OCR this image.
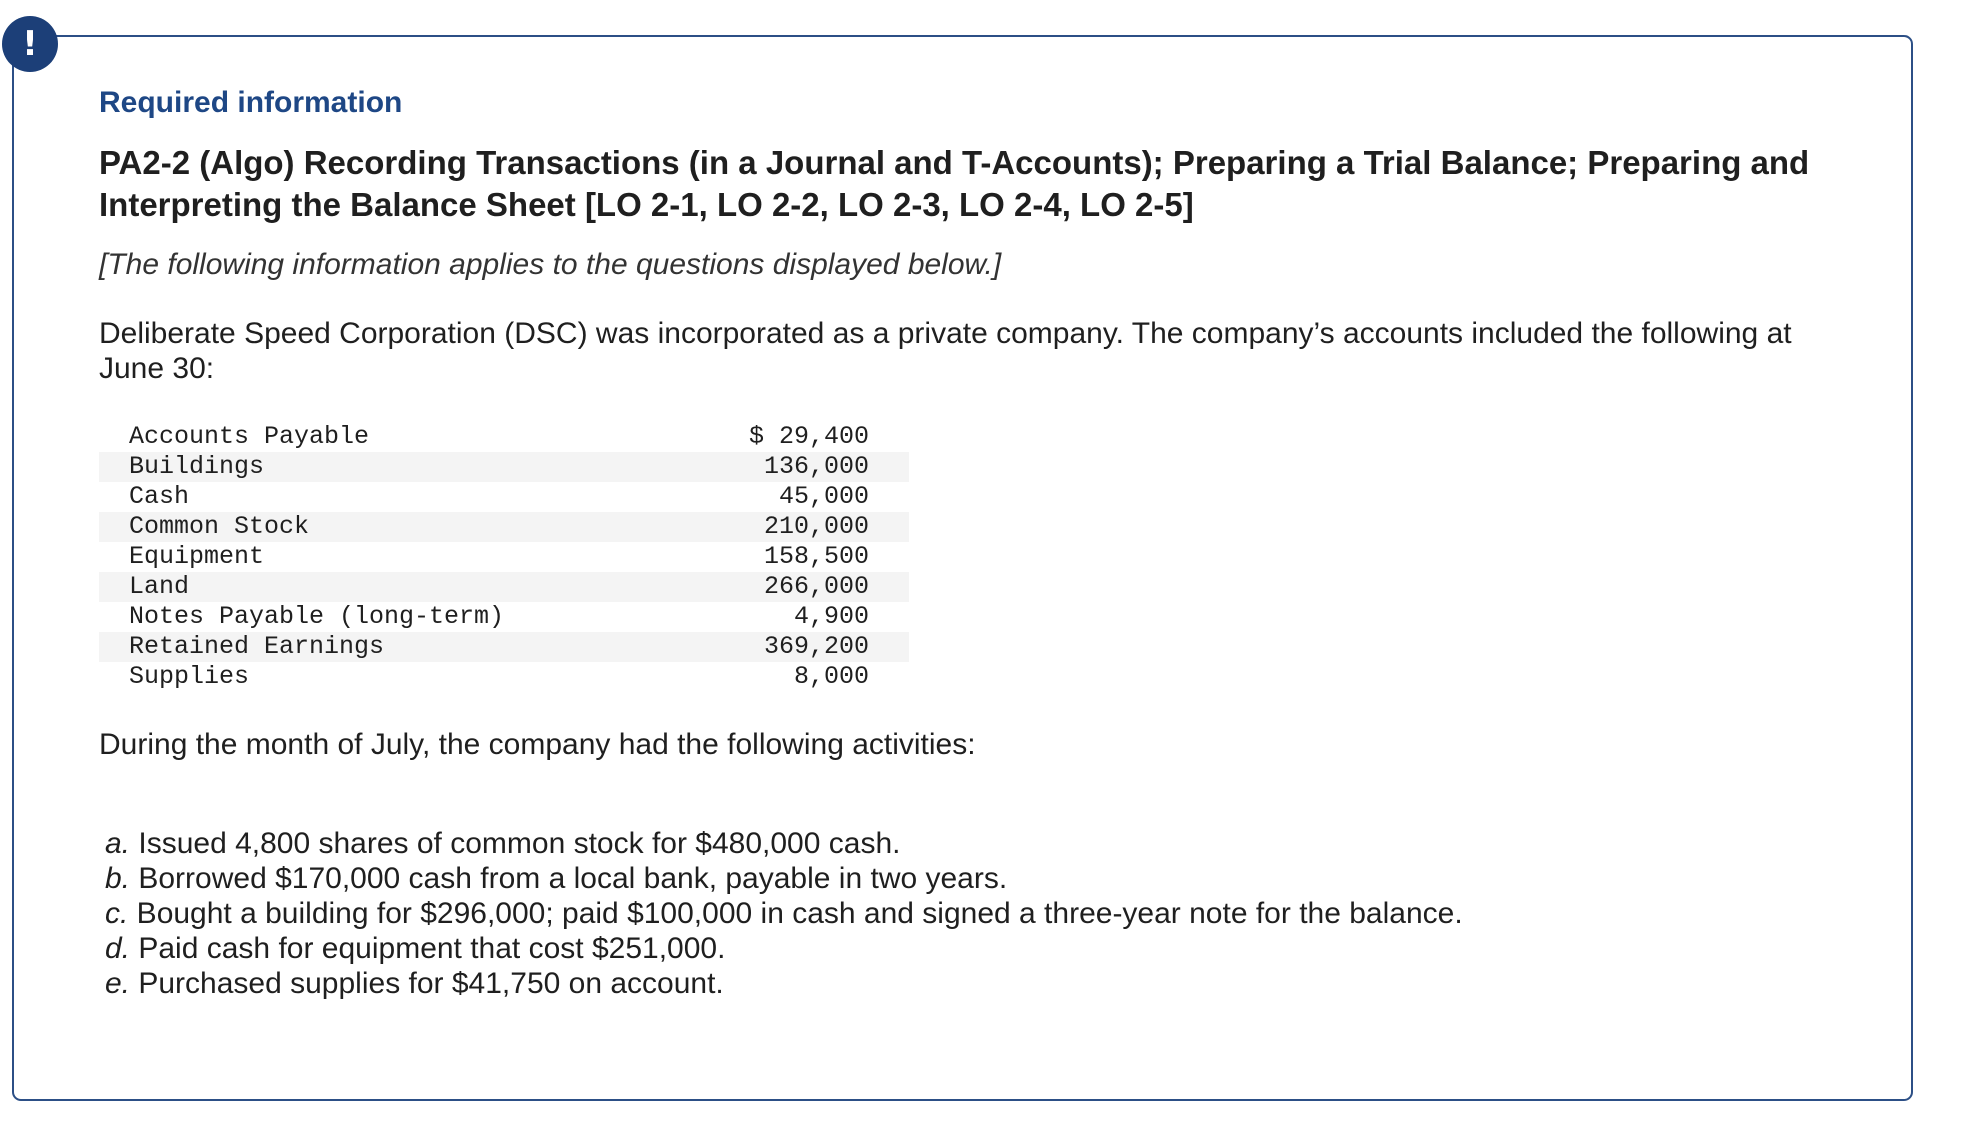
!

Required information

PA2-2 (Algo) Recording Transactions (in a Journal and T-Accounts); Preparing a Trial Balance; Preparing and Interpreting the Balance Sheet [LO 2-1, LO 2-2, LO 2-3, LO 2-4, LO 2-5]

[The following information applies to the questions displayed below.]

Deliberate Speed Corporation (DSC) was incorporated as a private company. The company’s accounts included the following at June 30:

Accounts Payable	$ 29,400
Buildings	136,000
Cash	45,000
Common Stock	210,000
Equipment	158,500
Land	266,000
Notes Payable (long-term)	4,900
Retained Earnings	369,200
Supplies	8,000

During the month of July, the company had the following activities:

a. Issued 4,800 shares of common stock for $480,000 cash.
b. Borrowed $170,000 cash from a local bank, payable in two years.
c. Bought a building for $296,000; paid $100,000 in cash and signed a three-year note for the balance.
d. Paid cash for equipment that cost $251,000.
e. Purchased supplies for $41,750 on account.
